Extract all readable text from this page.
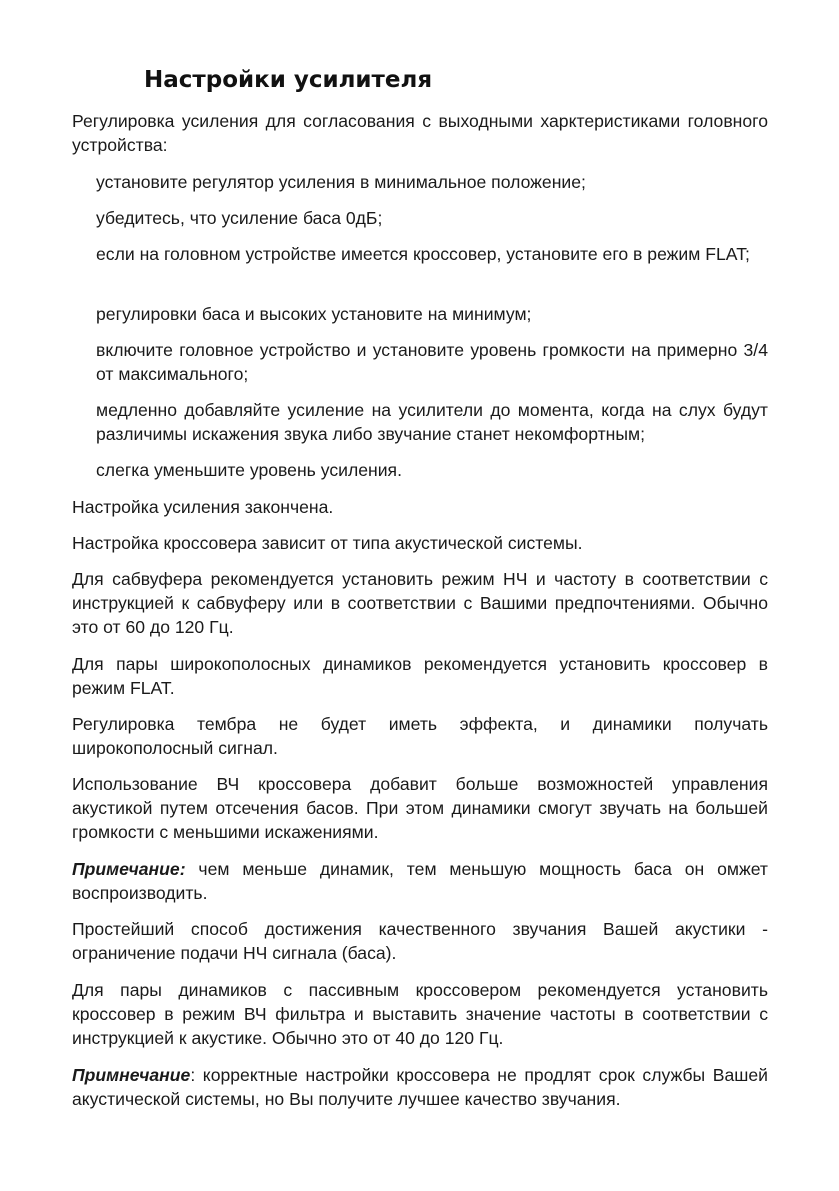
Настройки усилителя

Регулировка усиления для согласования с выходными харктеристиками головного устройства:

установите регулятор усиления в минимальное положение;

убедитесь, что усиление баса 0дБ;

если на головном устройстве имеется кроссовер, установите его в режим FLAT;

регулировки баса и высоких установите на минимум;

включите головное устройство и установите уровень громкости на примерно 3/4 от максимального;

медленно добавляйте усиление на усилители до момента, когда на слух будут различимы искажения звука либо звучание станет некомфортным;

слегка уменьшите уровень усиления.

Настройка усиления закончена.

Настройка кроссовера зависит от типа акустической системы.

Для сабвуфера рекомендуется установить режим НЧ и частоту в соответствии с инструкцией к сабвуферу или в соответствии с Вашими предпочтениями. Обычно это от 60 до 120 Гц.

Для пары широкополосных динамиков рекомендуется установить кроссовер в режим FLAT.

Регулировка тембра не будет иметь эффекта, и динамики получать широкополосный сигнал.

Использование ВЧ кроссовера добавит больше возможностей управления акустикой путем отсечения басов. При этом динамики смогут звучать на большей громкости с меньшими искажениями.

Примечание: чем меньше динамик, тем меньшую мощность баса он омжет воспроизводить.

Простейший способ достижения качественного звучания Вашей акустики - ограничение подачи НЧ сигнала (баса).

Для пары динамиков с пассивным кроссовером рекомендуется установить кроссовер в режим ВЧ фильтра и выставить значение частоты в соответствии с инструкцией к акустике. Обычно это от 40 до 120 Гц.

Примнечание: корректные настройки кроссовера не продлят срок службы Вашей акустической системы, но Вы получите лучшее качество звучания.
